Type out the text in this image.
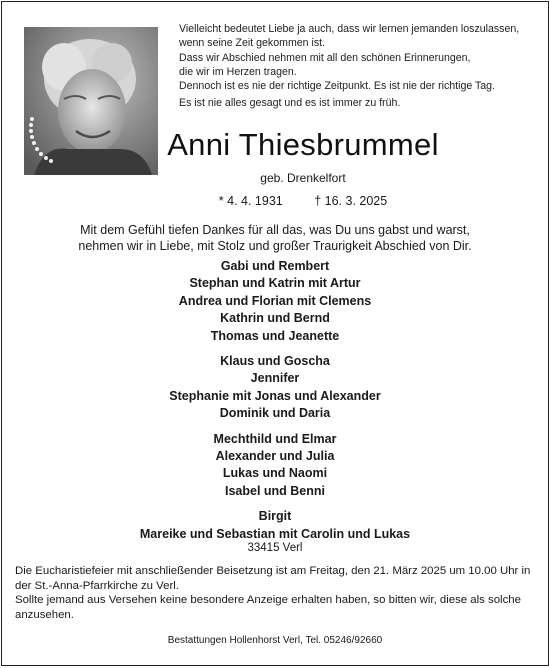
Vielleicht bedeutet Liebe ja auch, dass wir lernen jemanden loszulassen,
wenn seine Zeit gekommen ist.
Dass wir Abschied nehmen mit all den schönen Erinnerungen,
die wir im Herzen tragen.
Dennoch ist es nie der richtige Zeitpunkt. Es ist nie der richtige Tag.
Es ist nie alles gesagt und es ist immer zu früh.
Anni Thiesbrummel
geb. Drenkelfort
* 4. 4. 1931	† 16. 3. 2025
Mit dem Gefühl tiefen Dankes für all das, was Du uns gabst und warst,
nehmen wir in Liebe, mit Stolz und großer Traurigkeit Abschied von Dir.
Gabi und Rembert
Stephan und Katrin mit Artur
Andrea und Florian mit Clemens
Kathrin und Bernd
Thomas und Jeanette
Klaus und Goscha
Jennifer
Stephanie mit Jonas und Alexander
Dominik und Daria
Mechthild und Elmar
Alexander und Julia
Lukas und Naomi
Isabel und Benni
Birgit
Mareike und Sebastian mit Carolin und Lukas
33415 Verl

Die Eucharistiefeier mit anschließender Beisetzung ist am Freitag, den 21. März 2025 um 10.00 Uhr in der St.-Anna-Pfarrkirche zu Verl.

Sollte jemand aus Versehen keine besondere Anzeige erhalten haben, so bitten wir, diese als solche anzusehen.

Bestattungen Hollenhorst Verl, Tel. 05246/92660
